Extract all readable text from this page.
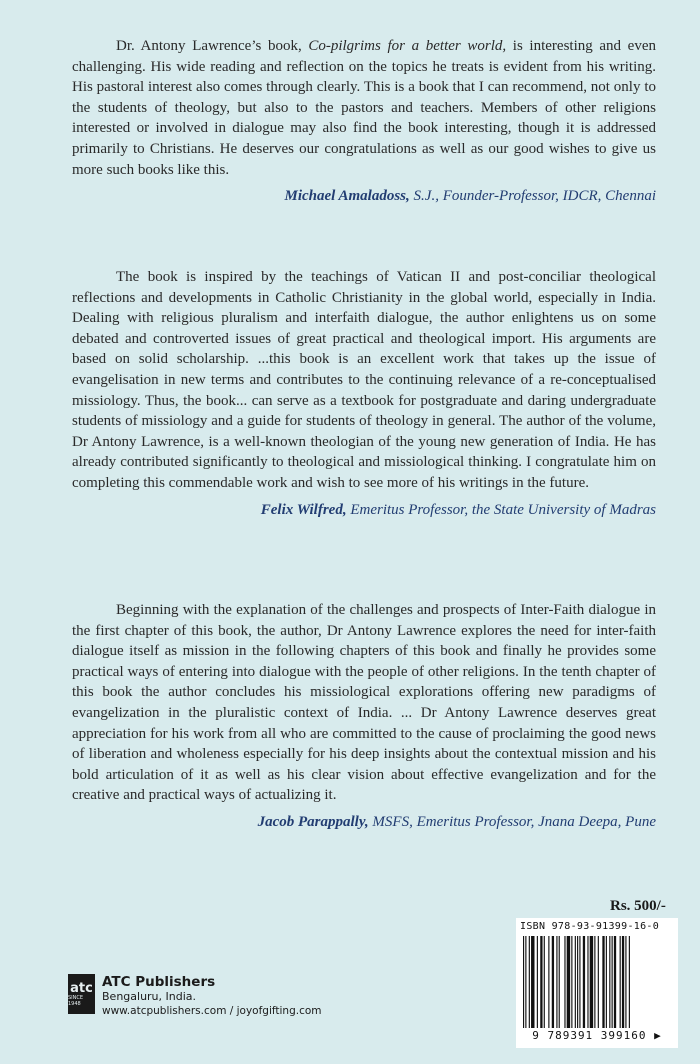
Dr. Antony Lawrence’s book, Co-pilgrims for a better world, is interesting and even challenging. His wide reading and reflection on the topics he treats is evident from his writing. His pastoral interest also comes through clearly. This is a book that I can recommend, not only to the students of theology, but also to the pastors and teachers. Members of other religions interested or involved in dialogue may also find the book interesting, though it is addressed primarily to Christians. He deserves our congratulations as well as our good wishes to give us more such books like this.

Michael Amaladoss, S.J., Founder-Professor, IDCR, Chennai

The book is inspired by the teachings of Vatican II and post-conciliar theological reflections and developments in Catholic Christianity in the global world, especially in India. Dealing with religious pluralism and interfaith dialogue, the author enlightens us on some debated and controverted issues of great practical and theological import. His arguments are based on solid scholarship. ...this book is an excellent work that takes up the issue of evangelisation in new terms and contributes to the continuing relevance of a re-conceptualised missiology. Thus, the book... can serve as a textbook for postgraduate and daring undergraduate students of missiology and a guide for students of theology in general. The author of the volume, Dr Antony Lawrence, is a well-known theologian of the young new generation of India. He has already contributed significantly to theological and missiological thinking. I congratulate him on completing this commendable work and wish to see more of his writings in the future.

Felix Wilfred, Emeritus Professor, the State University of Madras

Beginning with the explanation of the challenges and prospects of Inter-Faith dialogue in the first chapter of this book, the author, Dr Antony Lawrence explores the need for inter-faith dialogue itself as mission in the following chapters of this book and finally he provides some practical ways of entering into dialogue with the people of other religions. In the tenth chapter of this book the author concludes his missiological explorations offering new paradigms of evangelization in the pluralistic context of India. ... Dr Antony Lawrence deserves great appreciation for his work from all who are committed to the cause of proclaiming the good news of liberation and wholeness especially for his deep insights about the contextual mission and his bold articulation of it as well as his clear vision about effective evangelization and for the creative and practical ways of actualizing it.

Jacob Parappally, MSFS, Emeritus Professor, Jnana Deepa, Pune
atc
SINCE 1948
ATC Publishers
Bengaluru, India.
www.atcpublishers.com / joyofgifting.com
Rs. 500/-
ISBN 978-93-91399-16-0
9 789391 399160 ▶
